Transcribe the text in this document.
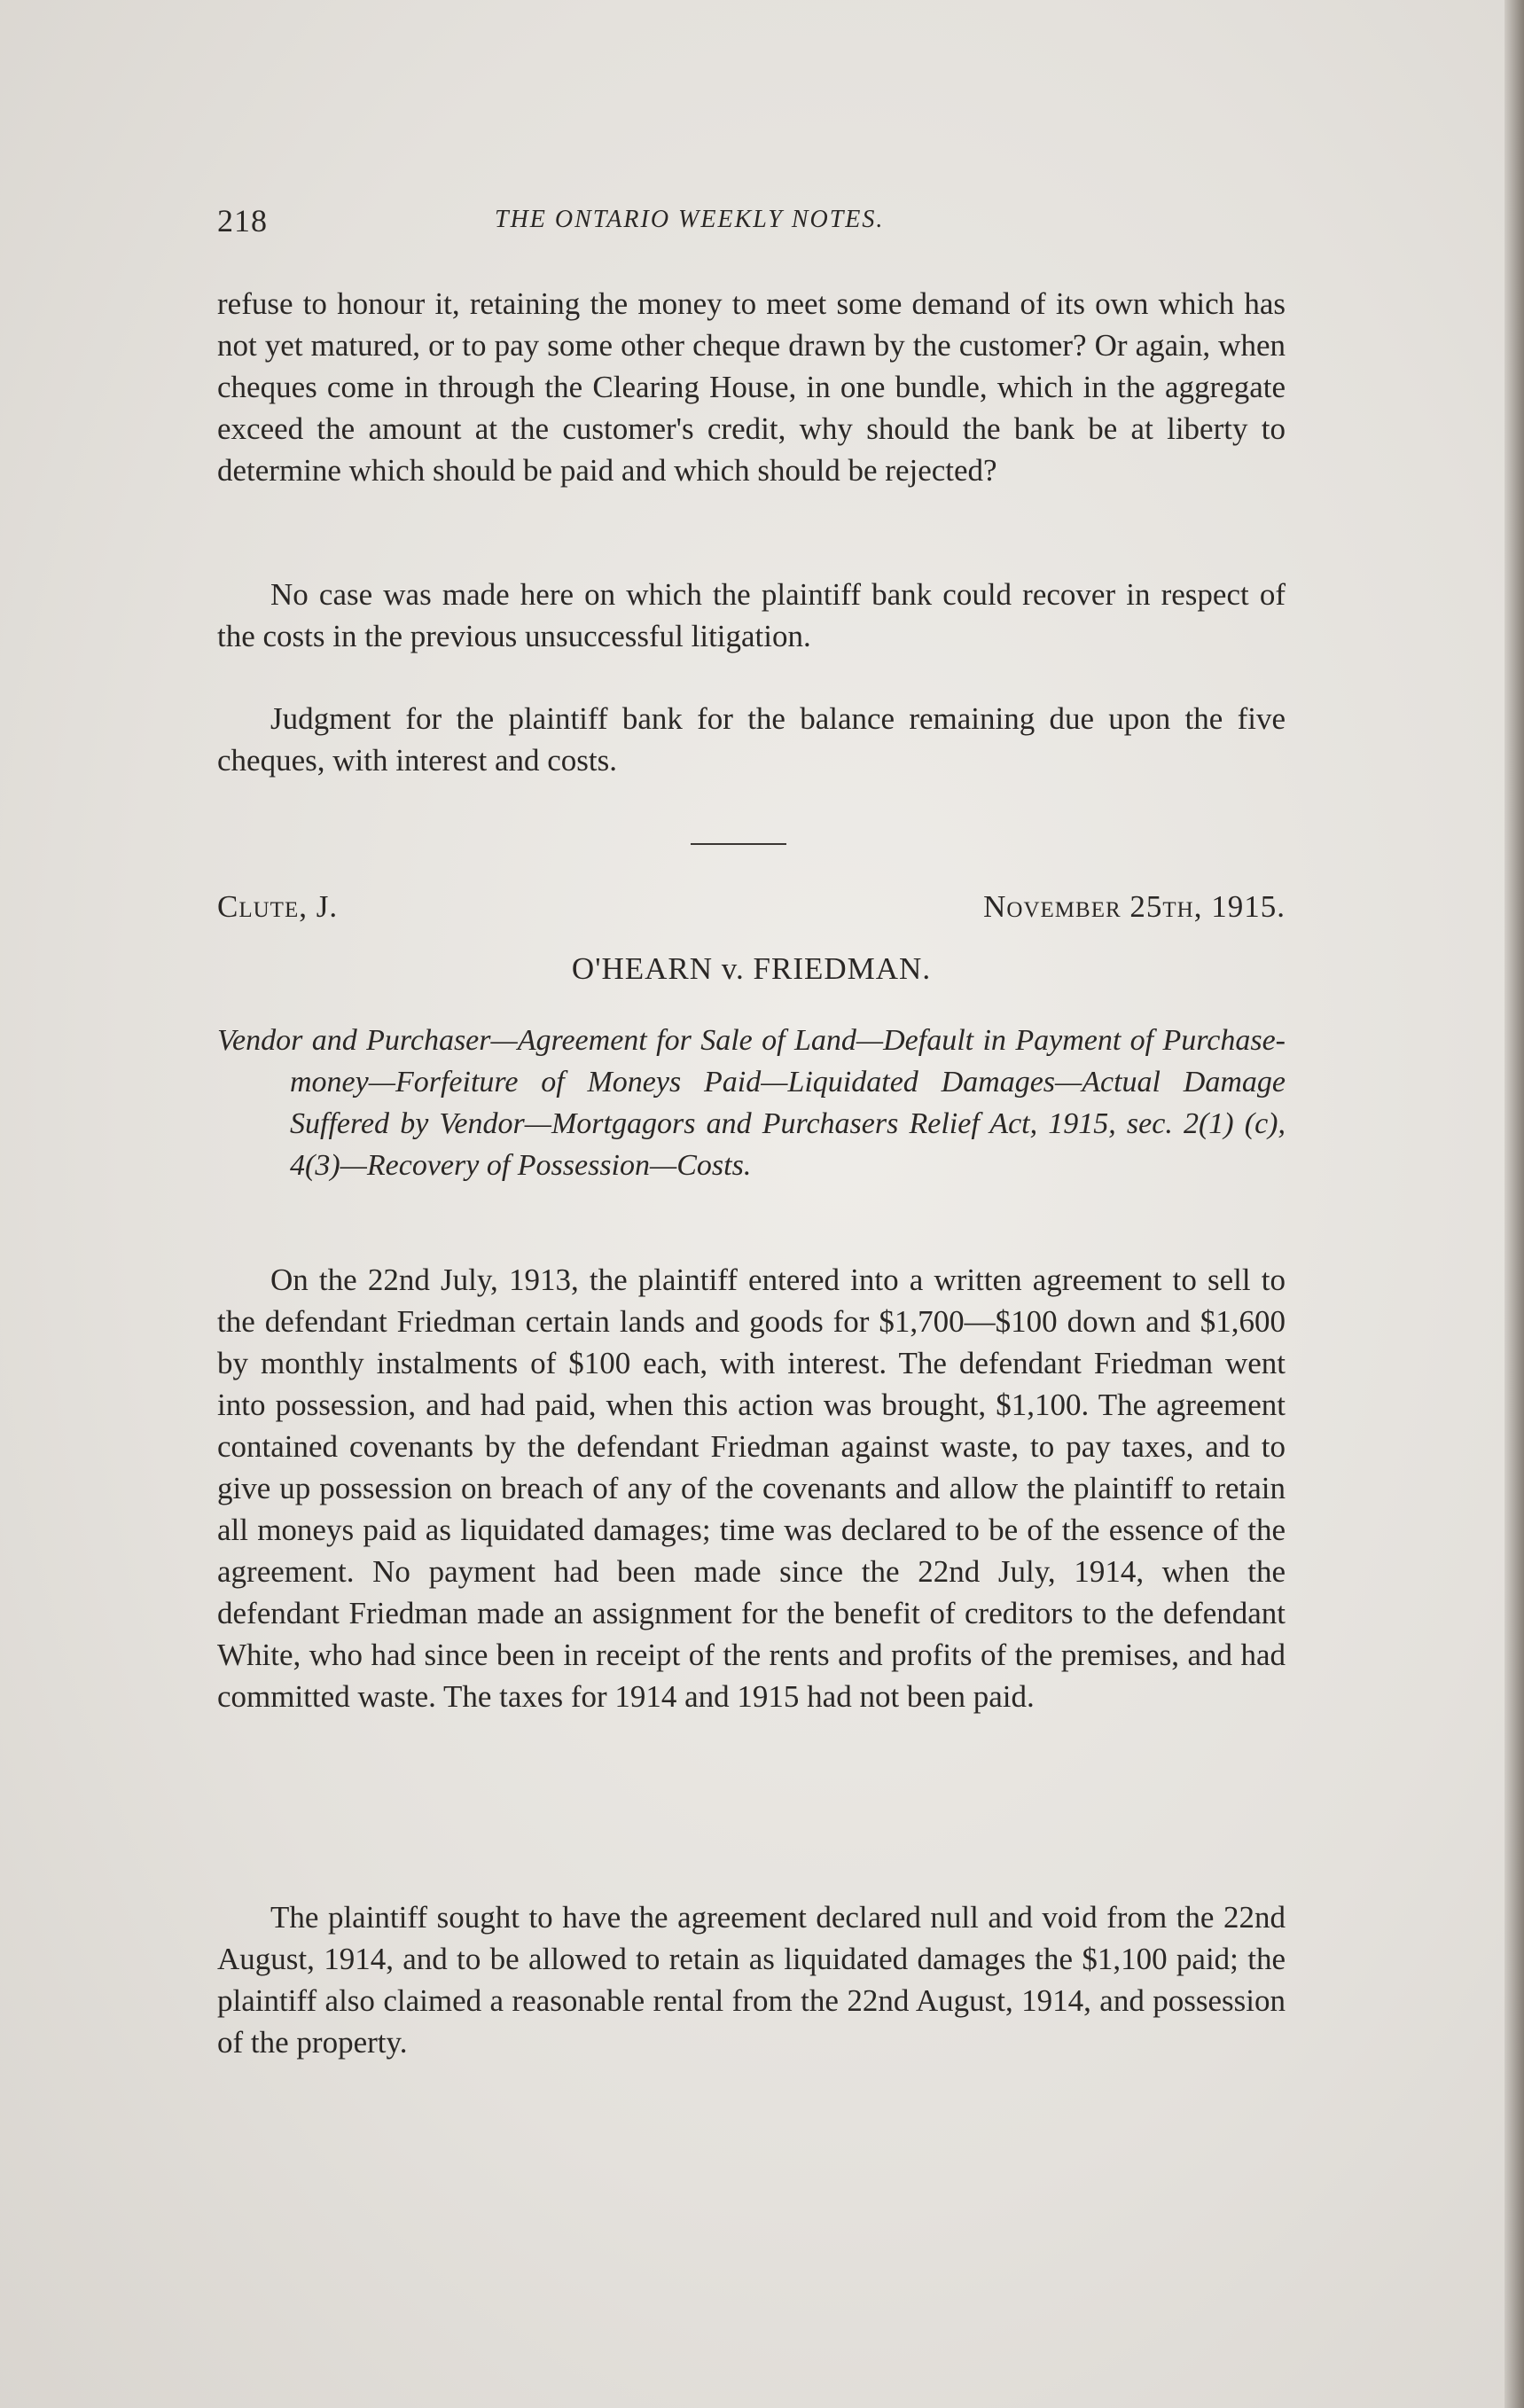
218	THE ONTARIO WEEKLY NOTES.

refuse to honour it, retaining the money to meet some demand of its own which has not yet matured, or to pay some other cheque drawn by the customer? Or again, when cheques come in through the Clearing House, in one bundle, which in the aggregate exceed the amount at the customer's credit, why should the bank be at liberty to determine which should be paid and which should be rejected?

No case was made here on which the plaintiff bank could recover in respect of the costs in the previous unsuccessful litigation.

Judgment for the plaintiff bank for the balance remaining due upon the five cheques, with interest and costs.

Clute, J.	November 25th, 1915.
O'HEARN v. FRIEDMAN.

Vendor and Purchaser—Agreement for Sale of Land—Default in Payment of Purchase-money—Forfeiture of Moneys Paid—Liquidated Damages—Actual Damage Suffered by Vendor—Mortgagors and Purchasers Relief Act, 1915, sec. 2(1) (c), 4(3)—Recovery of Possession—Costs.

On the 22nd July, 1913, the plaintiff entered into a written agreement to sell to the defendant Friedman certain lands and goods for $1,700—$100 down and $1,600 by monthly instalments of $100 each, with interest. The defendant Friedman went into possession, and had paid, when this action was brought, $1,100. The agreement contained covenants by the defendant Friedman against waste, to pay taxes, and to give up possession on breach of any of the covenants and allow the plaintiff to retain all moneys paid as liquidated damages; time was declared to be of the essence of the agreement. No payment had been made since the 22nd July, 1914, when the defendant Friedman made an assignment for the benefit of creditors to the defendant White, who had since been in receipt of the rents and profits of the premises, and had committed waste. The taxes for 1914 and 1915 had not been paid.

The plaintiff sought to have the agreement declared null and void from the 22nd August, 1914, and to be allowed to retain as liquidated damages the $1,100 paid; the plaintiff also claimed a reasonable rental from the 22nd August, 1914, and possession of the property.
